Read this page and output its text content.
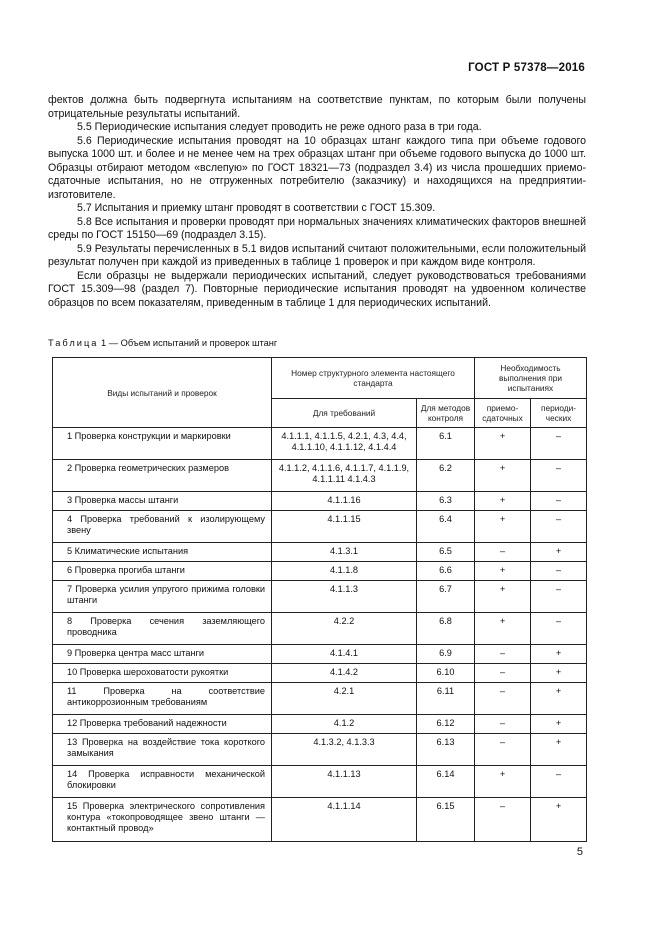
ГОСТ Р 57378—2016

фектов должна быть подвергнута испытаниям на соответствие пунктам, по которым были получены отрицательные результаты испытаний.

5.5 Периодические испытания следует проводить не реже одного раза в три года.

5.6 Периодические испытания проводят на 10 образцах штанг каждого типа при объеме годового выпуска 1000 шт. и более и не менее чем на трех образцах штанг при объеме годового выпуска до 1000 шт. Образцы отбирают методом «вслепую» по ГОСТ 18321—73 (подраздел 3.4) из числа прошедших приемо-сдаточные испытания, но не отгруженных потребителю (заказчику) и находящихся на предприятии-изготовителе.

5.7 Испытания и приемку штанг проводят в соответствии с ГОСТ 15.309.

5.8 Все испытания и проверки проводят при нормальных значениях климатических факторов внешней среды по ГОСТ 15150—69 (подраздел 3.15).

5.9 Результаты перечисленных в 5.1 видов испытаний считают положительными, если положительный результат получен при каждой из приведенных в таблице 1 проверок и при каждом виде контроля.

Если образцы не выдержали периодических испытаний, следует руководствоваться требованиями ГОСТ 15.309—98 (раздел 7). Повторные периодические испытания проводят на удвоенном количестве образцов по всем показателям, приведенным в таблице 1 для периодических испытаний.

Таблица 1 — Объем испытаний и проверок штанг
Виды испытаний и проверок	Номер структурного элемента настоящего стандарта		Необходимость выполнения при испытаниях	
	Для требований	Для методов контроля	приемо-сдаточных	периоди-ческих
1 Проверка конструкции и маркировки	4.1.1.1, 4.1.1.5, 4.2.1, 4.3, 4.4, 4.1.1.10, 4.1.1.12, 4.1.4.4	6.1	+	–
2 Проверка геометрических размеров	4.1.1.2, 4.1.1.6, 4.1.1.7, 4.1.1.9, 4.1.1.11 4.1.4.3	6.2	+	–
3 Проверка массы штанги	4.1.1.16	6.3	+	–
4 Проверка требований к изолирующему звену	4.1.1.15	6.4	+	–
5 Климатические испытания	4.1.3.1	6.5	–	+
6 Проверка прогиба штанги	4.1.1.8	6.6	+	–
7 Проверка усилия упругого прижима головки штанги	4.1.1.3	6.7	+	–
8 Проверка сечения заземляющего проводника	4.2.2	6.8	+	–
9 Проверка центра масс штанги	4.1.4.1	6.9	–	+
10 Проверка шероховатости рукоятки	4.1.4.2	6.10	–	+
11 Проверка на соответствие антикоррозионным требованиям	4.2.1	6.11	–	+
12 Проверка требований надежности	4.1.2	6.12	–	+
13 Проверка на воздействие тока короткого замыкания	4.1.3.2, 4.1.3.3	6.13	–	+
14 Проверка исправности механической блокировки	4.1.1.13	6.14	+	–
15 Проверка электрического сопротивления контура «токопроводящее звено штанги — контактный провод»	4.1.1.14	6.15	–	+
5
